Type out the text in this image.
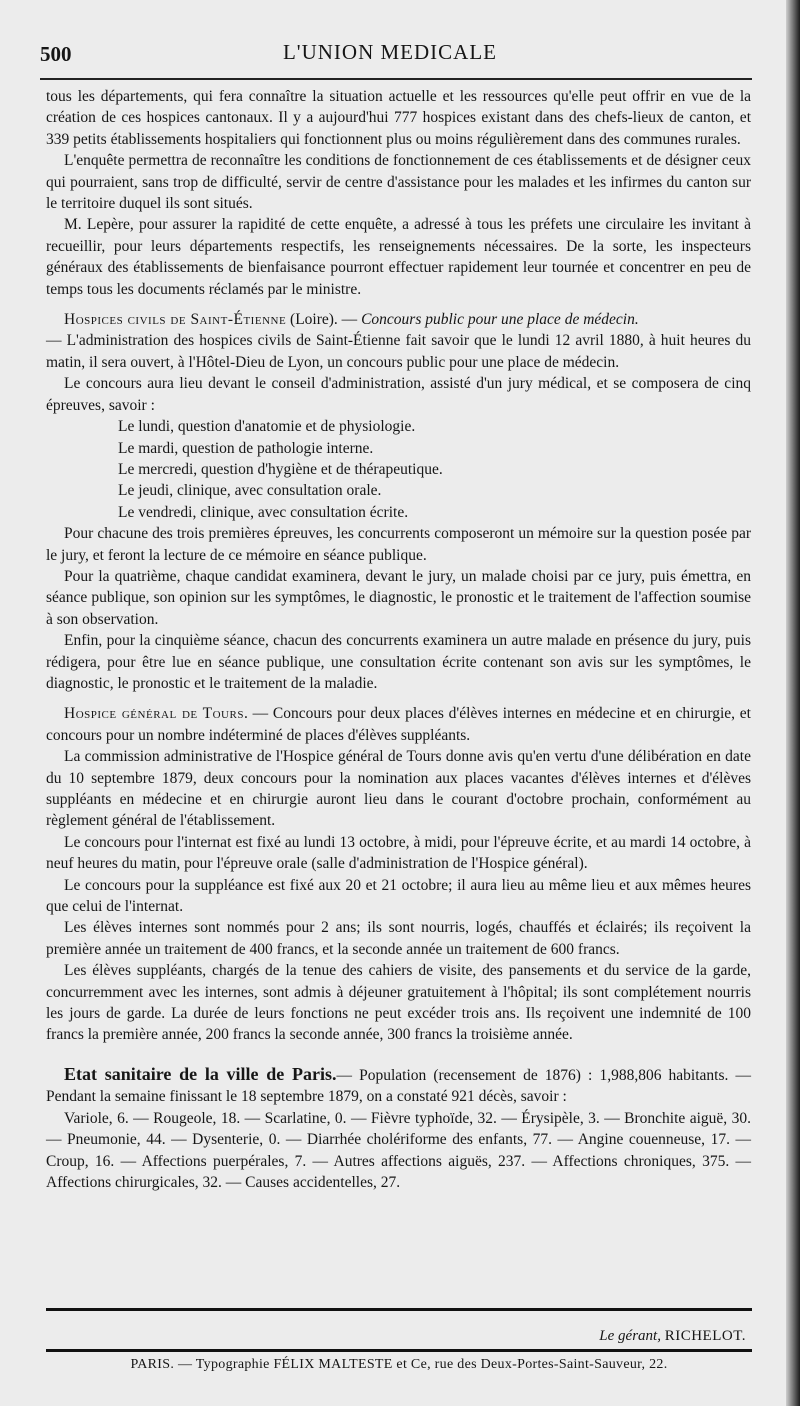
500	L'UNION MEDICALE

tous les départements, qui fera connaître la situation actuelle et les ressources qu'elle peut offrir en vue de la création de ces hospices cantonaux. Il y a aujourd'hui 777 hospices existant dans des chefs-lieux de canton, et 339 petits établissements hospitaliers qui fonctionnent plus ou moins régulièrement dans des communes rurales.

L'enquête permettra de reconnaître les conditions de fonctionnement de ces établissements et de désigner ceux qui pourraient, sans trop de difficulté, servir de centre d'assistance pour les malades et les infirmes du canton sur le territoire duquel ils sont situés.

M. Lepère, pour assurer la rapidité de cette enquête, a adressé à tous les préfets une circulaire les invitant à recueillir, pour leurs départements respectifs, les renseignements nécessaires. De la sorte, les inspecteurs généraux des établissements de bienfaisance pourront effectuer rapidement leur tournée et concentrer en peu de temps tous les documents réclamés par le ministre.

Hospices civils de Saint-Étienne (Loire). — Concours public pour une place de médecin.

— L'administration des hospices civils de Saint-Étienne fait savoir que le lundi 12 avril 1880, à huit heures du matin, il sera ouvert, à l'Hôtel-Dieu de Lyon, un concours public pour une place de médecin.

Le concours aura lieu devant le conseil d'administration, assisté d'un jury médical, et se composera de cinq épreuves, savoir :

Le lundi, question d'anatomie et de physiologie.
Le mardi, question de pathologie interne.
Le mercredi, question d'hygiène et de thérapeutique.
Le jeudi, clinique, avec consultation orale.
Le vendredi, clinique, avec consultation écrite.

Pour chacune des trois premières épreuves, les concurrents composeront un mémoire sur la question posée par le jury, et feront la lecture de ce mémoire en séance publique.

Pour la quatrième, chaque candidat examinera, devant le jury, un malade choisi par ce jury, puis émettra, en séance publique, son opinion sur les symptômes, le diagnostic, le pronostic et le traitement de l'affection soumise à son observation.

Enfin, pour la cinquième séance, chacun des concurrents examinera un autre malade en présence du jury, puis rédigera, pour être lue en séance publique, une consultation écrite contenant son avis sur les symptômes, le diagnostic, le pronostic et le traitement de la maladie.

Hospice général de Tours. — Concours pour deux places d'élèves internes en médecine et en chirurgie, et concours pour un nombre indéterminé de places d'élèves suppléants.

La commission administrative de l'Hospice général de Tours donne avis qu'en vertu d'une délibération en date du 10 septembre 1879, deux concours pour la nomination aux places vacantes d'élèves internes et d'élèves suppléants en médecine et en chirurgie auront lieu dans le courant d'octobre prochain, conformément au règlement général de l'établissement.

Le concours pour l'internat est fixé au lundi 13 octobre, à midi, pour l'épreuve écrite, et au mardi 14 octobre, à neuf heures du matin, pour l'épreuve orale (salle d'administration de l'Hospice général).

Le concours pour la suppléance est fixé aux 20 et 21 octobre; il aura lieu au même lieu et aux mêmes heures que celui de l'internat.

Les élèves internes sont nommés pour 2 ans; ils sont nourris, logés, chauffés et éclairés; ils reçoivent la première année un traitement de 400 francs, et la seconde année un traitement de 600 francs.

Les élèves suppléants, chargés de la tenue des cahiers de visite, des pansements et du service de la garde, concurremment avec les internes, sont admis à déjeuner gratuitement à l'hôpital; ils sont complétement nourris les jours de garde. La durée de leurs fonctions ne peut excéder trois ans. Ils reçoivent une indemnité de 100 francs la première année, 200 francs la seconde année, 300 francs la troisième année.

Etat sanitaire de la ville de Paris.— Population (recensement de 1876) : 1,988,806 habitants. — Pendant la semaine finissant le 18 septembre 1879, on a constaté 921 décès, savoir :

Variole, 6. — Rougeole, 18. — Scarlatine, 0. — Fièvre typhoïde, 32. — Érysipèle, 3. — Bronchite aiguë, 30. — Pneumonie, 44. — Dysenterie, 0. — Diarrhée cholériforme des enfants, 77. — Angine couenneuse, 17. — Croup, 16. — Affections puerpérales, 7. — Autres affections aiguës, 237. — Affections chroniques, 375. — Affections chirurgicales, 32. — Causes accidentelles, 27.

Le gérant, RICHELOT.
PARIS. — Typographie FÉLIX MALTESTE et Ce, rue des Deux-Portes-Saint-Sauveur, 22.
